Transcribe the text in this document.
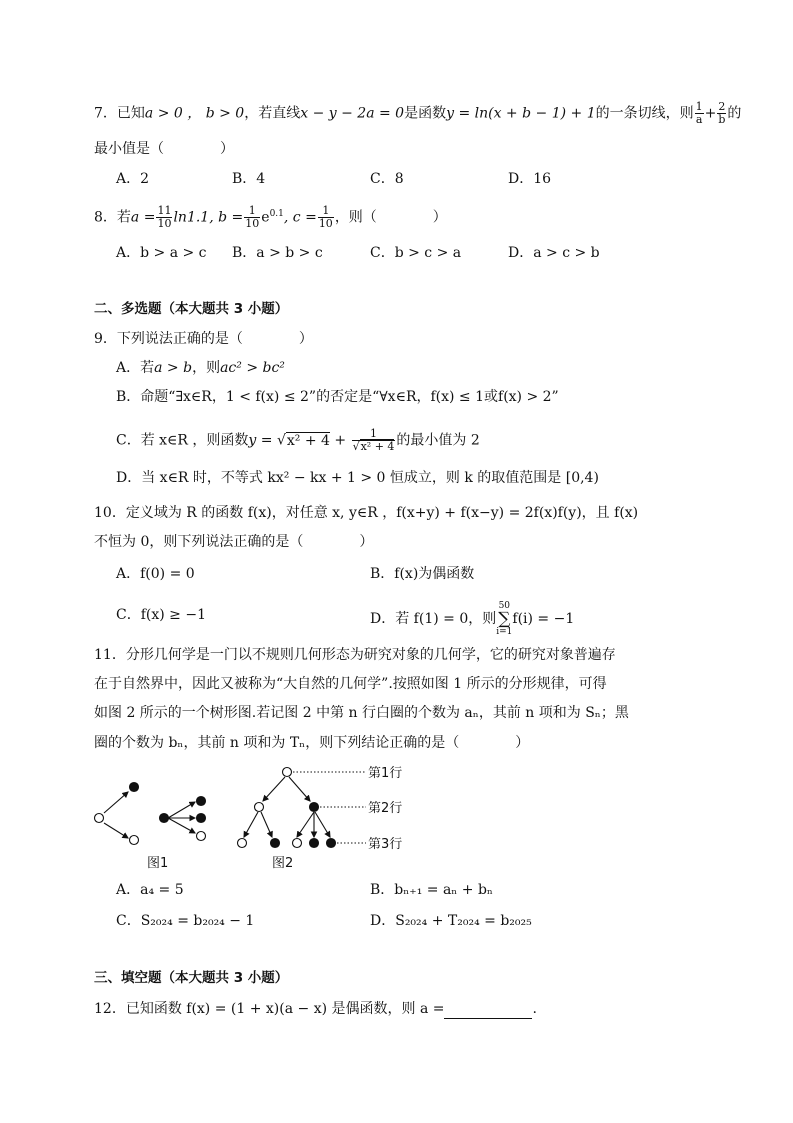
7．已知a > 0 ， b > 0，若直线x − y − 2a = 0是函数y = ln(x + b − 1) + 1的一条切线，则 $\frac{1}{a} + \frac{2}{b}$ 的
最小值是（　　　　）
A．2	B．4	C．8	D．16
8．若$a = \frac{11}{10} \ln 1.1$, $b = \frac{1}{10} e^{0.1}$, $c = \frac{1}{10}$ ，则（　　　　）
A．b > a > c B．a > b > c	C．b > c > a	D．a > c > b
二、多选题（本大题共 3 小题）
9．下列说法正确的是（　　　　）
A．若a > b，则ac² > bc²
B．命题“∃x∈R，1 < f(x) ≤ 2”的否定是“∀x∈R，f(x) ≤ 1或f(x) > 2”
C．若 x∈R ，则函数$y = √x^2 + 4 + \frac{1}{\text{√x² + 4}}$ 的最小值为 2
D．当 x∈R 时，不等式 kx² − kx + 1 > 0 恒成立，则 k 的取值范围是 [0,4)
10．定义域为 R 的函数 f(x)，对任意 x, y∈R ，f(x+y) + f(x−y) = 2f(x)f(y)，且 f(x)
不恒为 0，则下列说法正确的是（　　　　）
A．f(0) = 0	B．f(x)为偶函数
C．f(x) ≥ −1	D．若 f(1) = 0，则50
∑
i=1f(i) = −1
11．分形几何学是一门以不规则几何形态为研究对象的几何学，它的研究对象普遍存
在于自然界中，因此又被称为“大自然的几何学”.按照如图 1 所示的分形规律，可得
如图 2 所示的一个树形图.若记图 2 中第 n 行白圈的个数为 aₙ，其前 n 项和为 Sₙ；黑
圈的个数为 bₙ，其前 n 项和为 Tₙ，则下列结论正确的是（　　　　）
第1行
第2行
第3行
图1	图2
A．a₄ = 5	B．bₙ₊₁ = aₙ + bₙ
C．S₂₀₂₄ = b₂₀₂₄ − 1	D．S₂₀₂₄ + T₂₀₂₄ = b₂₀₂₅
三、填空题（本大题共 3 小题）
12．已知函数 f(x) = (1 + x)(a − x) 是偶函数，则 a =	.
